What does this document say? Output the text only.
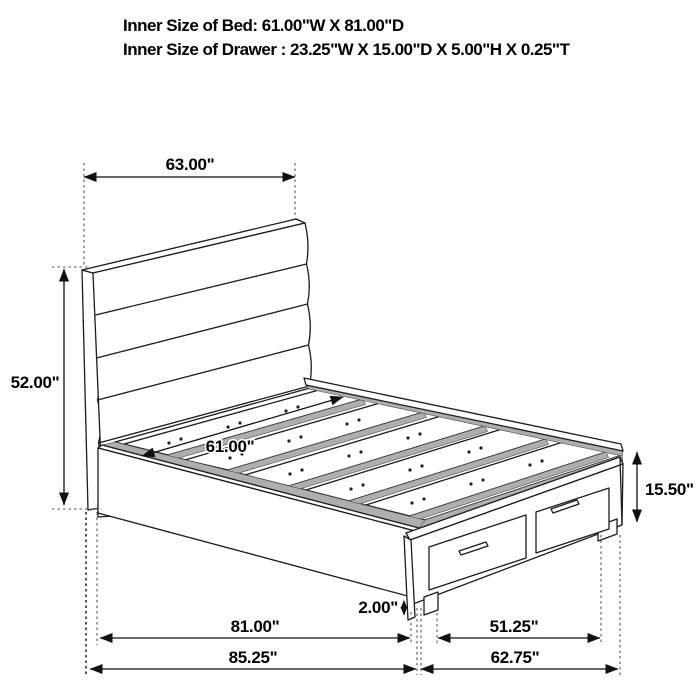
Inner Size of Bed: 61.00"W X 81.00"D
Inner Size of Drawer : 23.25"W X 15.00"D X 5.00"H X 0.25"T
63.00"
52.00"
61.00"
15.50"
2.00"
81.00"	51.25"
85.25"	62.75"
